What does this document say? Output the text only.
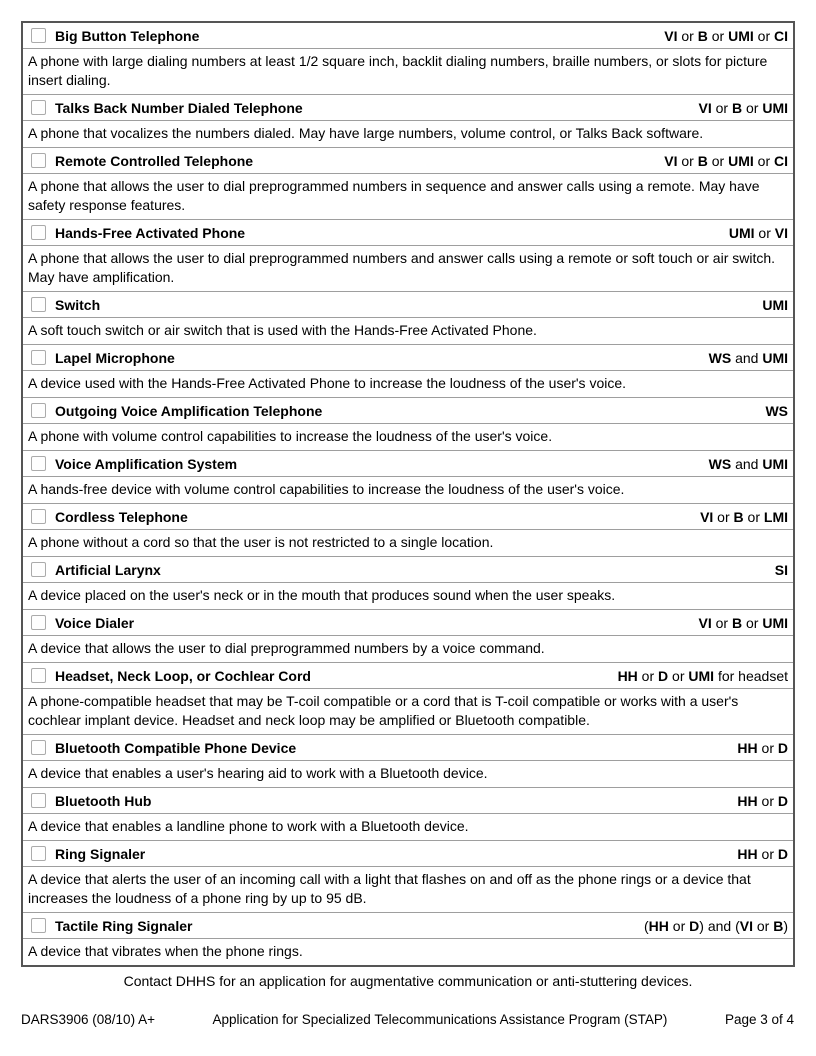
Big Button Telephone	VI or B or UMI or CI
A phone with large dialing numbers at least 1/2 square inch, backlit dialing numbers, braille numbers, or slots for picture insert dialing.
Talks Back Number Dialed Telephone	VI or B or UMI
A phone that vocalizes the numbers dialed. May have large numbers, volume control, or Talks Back software.
Remote Controlled Telephone	VI or B or UMI or CI
A phone that allows the user to dial preprogrammed numbers in sequence and answer calls using a remote. May have safety response features.
Hands-Free Activated Phone	UMI or VI
A phone that allows the user to dial preprogrammed numbers and answer calls using a remote or soft touch or air switch. May have amplification.
Switch	UMI
A soft touch switch or air switch that is used with the Hands-Free Activated Phone.
Lapel Microphone	WS and UMI
A device used with the Hands-Free Activated Phone to increase the loudness of the user's voice.
Outgoing Voice Amplification Telephone	WS
A phone with volume control capabilities to increase the loudness of the user's voice.
Voice Amplification System	WS and UMI
A hands-free device with volume control capabilities to increase the loudness of the user's voice.
Cordless Telephone	VI or B or LMI
A phone without a cord so that the user is not restricted to a single location.
Artificial Larynx	SI
A device placed on the user's neck or in the mouth that produces sound when the user speaks.
Voice Dialer	VI or B or UMI
A device that allows the user to dial preprogrammed numbers by a voice command.
Headset, Neck Loop, or Cochlear Cord	HH or D or UMI for headset
A phone-compatible headset that may be T-coil compatible or a cord that is T-coil compatible or works with a user's cochlear implant device. Headset and neck loop may be amplified or Bluetooth compatible.
Bluetooth Compatible Phone Device	HH or D
A device that enables a user's hearing aid to work with a Bluetooth device.
Bluetooth Hub	HH or D
A device that enables a landline phone to work with a Bluetooth device.
Ring Signaler	HH or D
A device that alerts the user of an incoming call with a light that flashes on and off as the phone rings or a device that increases the loudness of a phone ring by up to 95 dB.
Tactile Ring Signaler	(HH or D) and (VI or B)
A device that vibrates when the phone rings.
Contact DHHS for an application for augmentative communication or anti-stuttering devices.
DARS3906 (08/10) A+	Application for Specialized Telecommunications Assistance Program (STAP)	Page 3 of 4
